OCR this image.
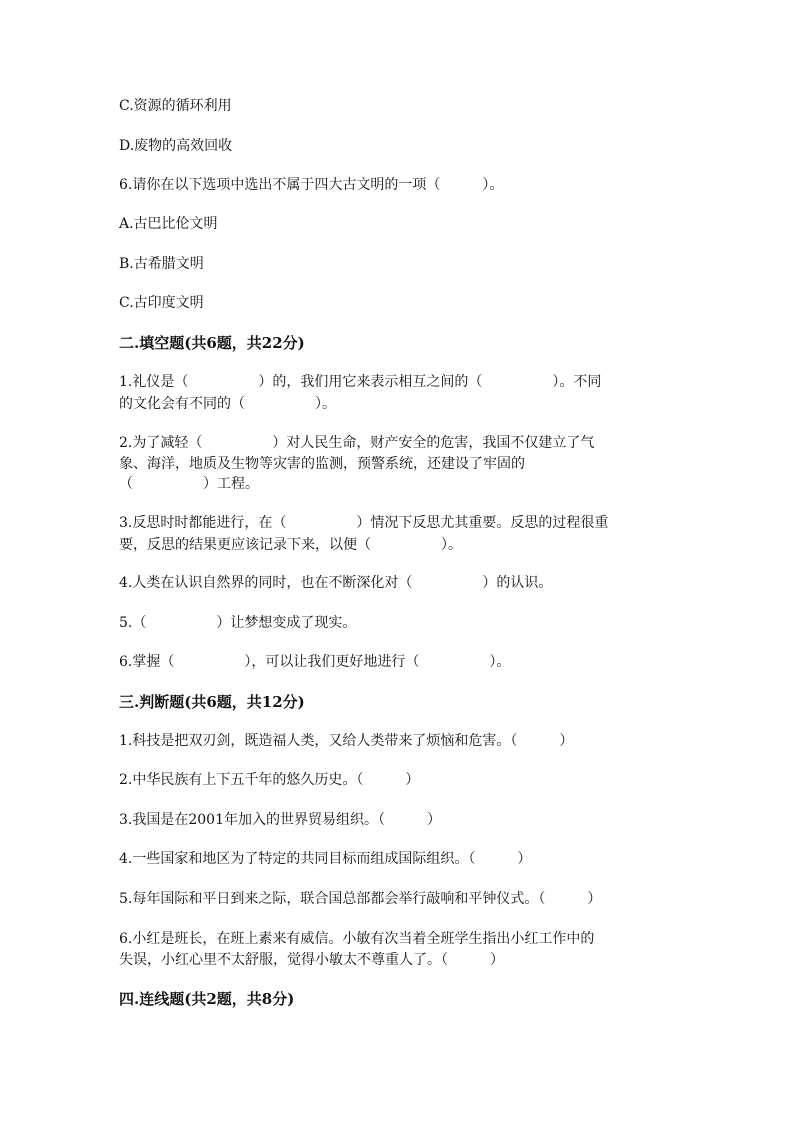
C.资源的循环利用

D.废物的高效回收

6.请你在以下选项中选出不属于四大古文明的一项（　　　）。

A.古巴比伦文明

B.古希腊文明

C.古印度文明

二.填空题(共6题，共22分)

1.礼仪是（　　　　　）的，我们用它来表示相互之间的（　　　　　）。不同

的文化会有不同的（　　　　　）。

2.为了减轻（　　　　　）对人民生命，财产安全的危害，我国不仅建立了气

象、海洋，地质及生物等灾害的监测，预警系统，还建设了牢固的

（　　　　　）工程。

3.反思时时都能进行，在（　　　　　）情况下反思尤其重要。反思的过程很重

要，反思的结果更应该记录下来，以便（　　　　　）。

4.人类在认识自然界的同时，也在不断深化对（　　　　　）的认识。

5.（　　　　　）让梦想变成了现实。

6.掌握（　　　　　），可以让我们更好地进行（　　　　　）。

三.判断题(共6题，共12分)

1.科技是把双刃剑，既造福人类，又给人类带来了烦恼和危害。（　　　）

2.中华民族有上下五千年的悠久历史。（　　　）

3.我国是在2001年加入的世界贸易组织。（　　　）

4.一些国家和地区为了特定的共同目标而组成国际组织。（　　　）

5.每年国际和平日到来之际，联合国总部都会举行敲响和平钟仪式。（　　　）

6.小红是班长，在班上素来有威信。小敏有次当着全班学生指出小红工作中的

失误，小红心里不太舒服，觉得小敏太不尊重人了。（　　　）

四.连线题(共2题，共8分)
